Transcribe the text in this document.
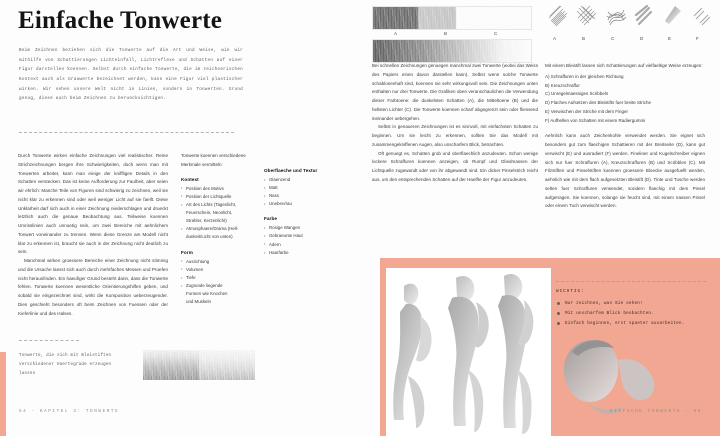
Einfache Tonwerte
Beim Zeichnen beziehen sich die Tonwerte auf die Art und Weise, wie wir mithilfe von Schattierungen Lichteinfall, Lichtreflexe und Schatten auf einer Figur darstellen koennen. Selbst durch einfache Tonwerte, die im zeichnerischen Kontext auch als Grauwerte bezeichnet werden, kann eine Figur viel plastischer wirken. Wir sehen unsere Welt nicht in Linien, sondern in Tonwerten. Grund genug, diese auch beim Zeichnen zu beruecksichtigen.

Durch Tonwerte wirken einfache Zeichnungen viel realistischer. Reine Strichzeichnungen bergen ihre Schwierigkeiten, doch wenn man mit Tonwerten arbeitet, kann man einige der kniffligen Details in den Schatten verstecken. Das ist keine Aufforderung zur Faulheit, aber seien wir ehrlich: Manche Teile von Figuren sind schwierig zu zeichnen, weil sie nicht klar zu erkennen sind oder weil weniger Licht auf sie faellt. Diese Unklarheit darf sich auch in einer Zeichnung niederschlagen und drueckt letztlich auch die genaue Beobachtung aus. Teilweise koennen Umrisslinien auch unnoetig sein, um zwei Bereiche mit aehnlichem Tonwert voneinander zu trennen. Wenn diese Grenze am Modell nicht klar zu erkennen ist, braucht sie auch in der Zeichnung nicht deutlich zu sein.

Manchmal wirken groessere Bereiche einer Zeichnung nicht stimmig und die Ursache laesst sich auch durch mehrfaches Messen und Pruefen nicht herausfinden. Ein haeufiger Grund besteht darin, dass die Tonwerte fehlen. Tonwerte koennen wesentliche Orientierungshilfen geben, und sobald sie eingezeichnet sind, wirkt die Komposition ueberzeugender. Dies geschieht besonders oft beim Zeichnen von Fuessen oder der Kieferlinie und des Halses.

Tonwerte koennen verschiedene Merkmale vermitteln:
Kontext
• Position des Motivs
• Position der Lichtquelle
• Art des Lichts (Tageslicht,
Feuerschein, Neonlicht,
Strahler, Kerzenlicht)
• Atmosphaere/Drama (Hell-
dunkeit/Licht von unten)
Form
• Ausrichtung
• Volumen
• Tiefe
• Zugrunde liegende
Formen wie Knochen
und Muskeln
Oberflaeche und Textur
• Glaenzend
• Matt
• Nass
• Uneben/rau
Farbe
• Rosige Wangen
• Gebraeunte Haut
• Adern
• Haarfarbe
Tonwerte, die sich mit Bleistiften verschiedener Haertegrade erzeugen lassen
54 - KAPITEL 3: TONWERTE
A	B	C
A	B	C	D	E	F

Bei schnellen Zeichnungen genuegen manchmal zwei Tonwerte (wobei das Weiss des Papiers einen davon darstellen kann). Selbst wenn solche Tonwerte schablonenhaft sind, koennen sie sehr wirkungsvoll sein. Die Zeichnungen unten enthalten nur drei Tonwerte. Die Grafiken oben veranschaulichen die Verwendung dieser Farbtoene: die dunkelsten Schatten (A), die Mitteltoene (B) und die hellsten Lichter (C). Die Tonwerte koennen scharf abgegrenzt sein oder fliessend ineinander uebergehen.

Selbst in genaueren Zeichnungen ist es sinnvoll, mit einfachsten Schatten zu beginnen. Um sie leicht zu erkennen, sollten Sie das Modell mit zusammengekniffenen Augen, also unscharfem Blick, betrachten.

Oft genuegt es, Schatten grob und oberflaechlich anzudeuten. Schon wenige lockere Schraffuren koennen anzeigen, ob Rumpf und Gliedmassen der Lichtquelle zugewandt oder von ihr abgewandt sind. Ein dicker Pinselstrich reicht aus, um den entsprechenden Schatten auf der Haelfte der Figur anzudeuten.

Mit einem Bleistift lassen sich Schattierungen auf vielfaeltige Weise erzeugen:

A) Schraffuren in der gleichen Richtung
B) Kreuzschraffur
C) Unregelmaessiges Scribbeln
D) Flaches Aufsetzen des Bleistifts fuer breite Striche
E) Verwischen der Striche mit dem Finger
F) Aufhellen von Schatten mit einem Radiergummi

Aehnlich kann auch Zeichenkohle verwendet werden. Sie eignet sich besonders gut zum flaechigen Schattieren mit der Breitseite (D), kann gut verwischt (E) und ausradiert (F) werden. Fineliner und Kugelschreiber eignen sich nur fuer Schraffuren (A), Kreuzschraffuren (B) und Scribbles (C). Mit Filzstiften und Pinselstiften koennen groessere Bloecke ausgefuellt werden, aehnlich wie mit dem flach aufgesetzten Bleistift (D). Tinte und Tusche werden selten fuer Schraffuren verwendet, sondern flaechig mit dem Pinsel aufgetragen. Sie koennen, solange sie feucht sind, mit einem nassen Pinsel oder einem Tuch verwischt werden.

WICHTIG:
Nur zeichnen, was Sie sehen!
Mit unscharfem Blick beobachten.
Einfach beginnen, erst spaeter ausarbeiten.
EINFACHE TONWERTE - 55
